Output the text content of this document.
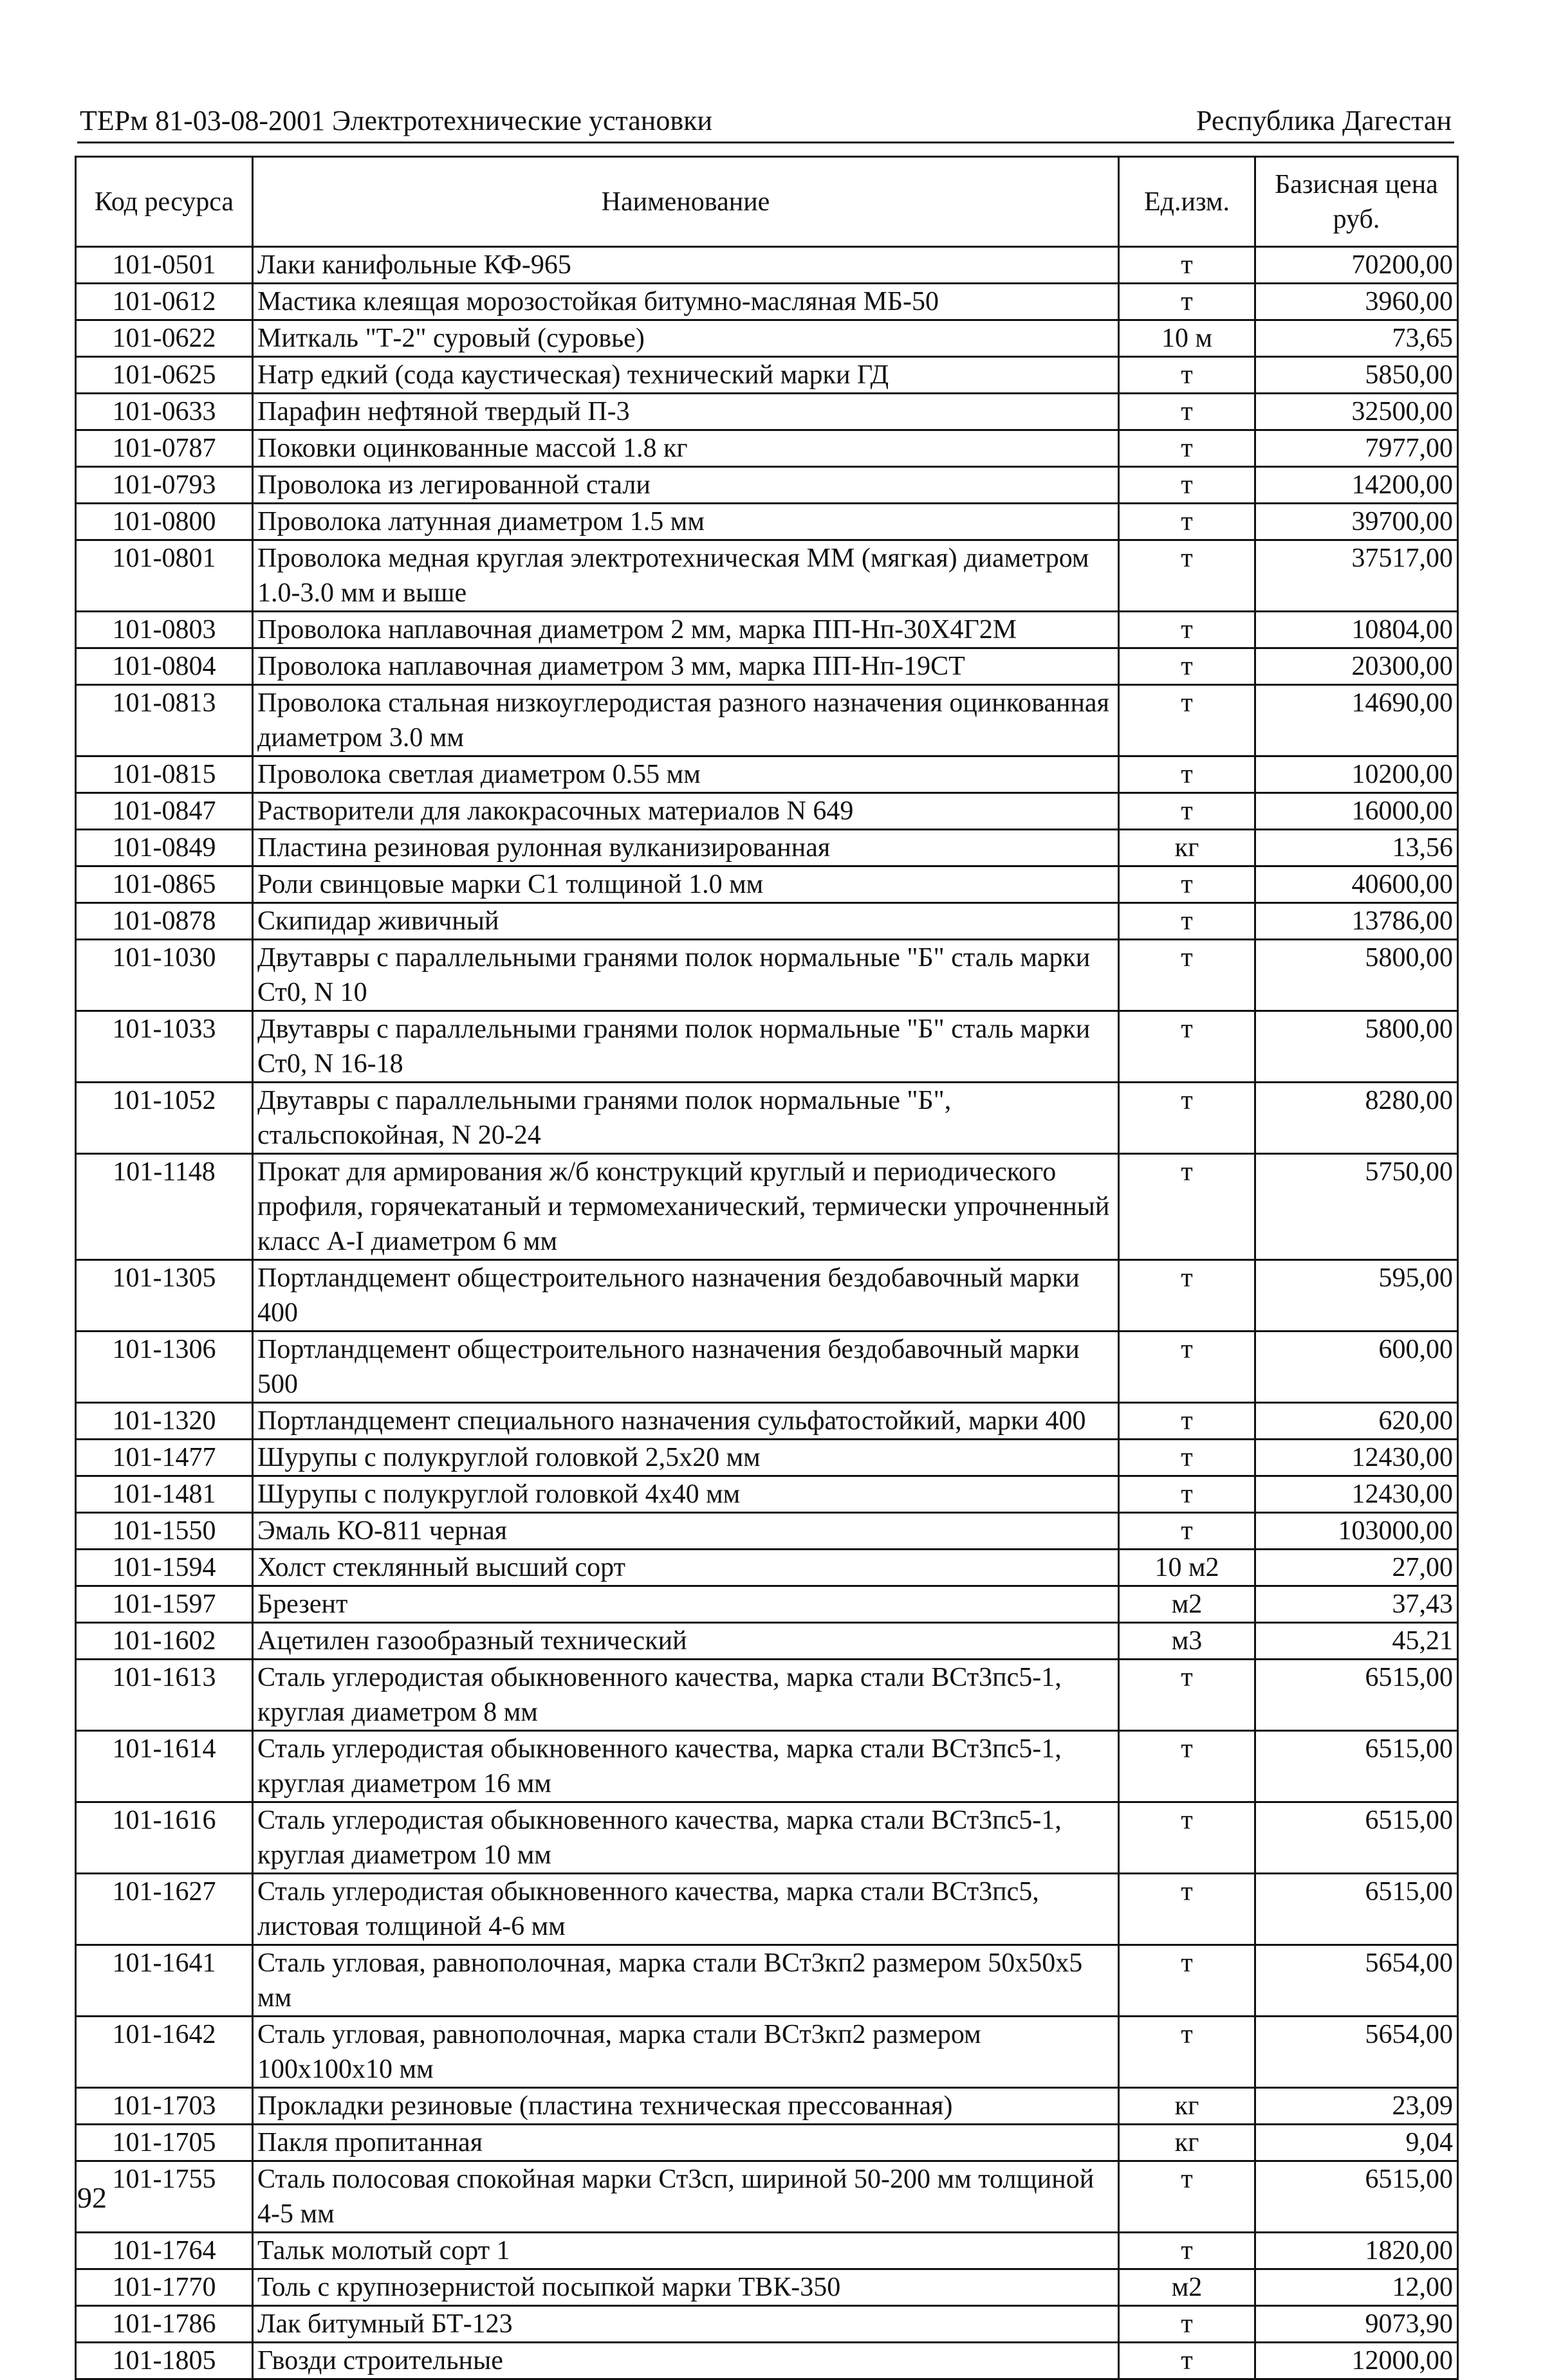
ТЕРм 81-03-08-2001 Электротехнические установки	Республика Дагестан
Код ресурса	Наименование	Ед.изм.	Базисная цена руб.
101-0501	Лаки канифольные КФ-965	т	70200,00
101-0612	Мастика клеящая морозостойкая битумно-масляная МБ-50	т	3960,00
101-0622	Миткаль "Т-2" суровый (суровье)	10 м	73,65
101-0625	Натр едкий (сода каустическая) технический марки ГД	т	5850,00
101-0633	Парафин нефтяной твердый П-3	т	32500,00
101-0787	Поковки оцинкованные массой 1.8 кг	т	7977,00
101-0793	Проволока из легированной стали	т	14200,00
101-0800	Проволока латунная диаметром 1.5 мм	т	39700,00
101-0801	Проволока медная круглая электротехническая ММ (мягкая) диаметром 1.0-3.0 мм и выше	т	37517,00
101-0803	Проволока наплавочная диаметром 2 мм, марка ПП-Нп-30Х4Г2М	т	10804,00
101-0804	Проволока наплавочная диаметром 3 мм, марка ПП-Нп-19СТ	т	20300,00
101-0813	Проволока стальная низкоуглеродистая разного назначения оцинкованная диаметром 3.0 мм	т	14690,00
101-0815	Проволока светлая диаметром 0.55 мм	т	10200,00
101-0847	Растворители для лакокрасочных материалов N 649	т	16000,00
101-0849	Пластина резиновая рулонная вулканизированная	кг	13,56
101-0865	Роли свинцовые марки С1 толщиной 1.0 мм	т	40600,00
101-0878	Скипидар живичный	т	13786,00
101-1030	Двутавры с параллельными гранями полок нормальные "Б" сталь марки Ст0, N 10	т	5800,00
101-1033	Двутавры с параллельными гранями полок нормальные "Б" сталь марки Ст0, N 16-18	т	5800,00
101-1052	Двутавры с параллельными гранями полок нормальные "Б", стальспокойная, N 20-24	т	8280,00
101-1148	Прокат для армирования ж/б конструкций круглый и периодического профиля, горячекатаный и термомеханический, термически упрочненный класс А-I диаметром 6 мм	т	5750,00
101-1305	Портландцемент общестроительного назначения бездобавочный марки 400	т	595,00
101-1306	Портландцемент общестроительного назначения бездобавочный марки 500	т	600,00
101-1320	Портландцемент специального назначения сульфатостойкий, марки 400	т	620,00
101-1477	Шурупы с полукруглой головкой 2,5х20 мм	т	12430,00
101-1481	Шурупы с полукруглой головкой 4х40 мм	т	12430,00
101-1550	Эмаль КО-811 черная	т	103000,00
101-1594	Холст стеклянный высший сорт	10 м2	27,00
101-1597	Брезент	м2	37,43
101-1602	Ацетилен газообразный технический	м3	45,21
101-1613	Сталь углеродистая обыкновенного качества, марка стали ВСт3пс5-1, круглая диаметром 8 мм	т	6515,00
101-1614	Сталь углеродистая обыкновенного качества, марка стали ВСт3пс5-1, круглая диаметром 16 мм	т	6515,00
101-1616	Сталь углеродистая обыкновенного качества, марка стали ВСт3пс5-1, круглая диаметром 10 мм	т	6515,00
101-1627	Сталь углеродистая обыкновенного качества, марка стали ВСт3пс5, листовая толщиной 4-6 мм	т	6515,00
101-1641	Сталь угловая, равнополочная, марка стали ВСт3кп2 размером 50х50х5 мм	т	5654,00
101-1642	Сталь угловая, равнополочная, марка стали ВСт3кп2 размером 100х100х10 мм	т	5654,00
101-1703	Прокладки резиновые (пластина техническая прессованная)	кг	23,09
101-1705	Пакля пропитанная	кг	9,04
101-1755	Сталь полосовая спокойная марки Ст3сп, шириной 50-200 мм толщиной 4-5 мм	т	6515,00
101-1764	Тальк молотый сорт 1	т	1820,00
101-1770	Толь с крупнозернистой посыпкой марки ТВК-350	м2	12,00
101-1786	Лак битумный БТ-123	т	9073,90
101-1805	Гвозди строительные	т	12000,00
92
